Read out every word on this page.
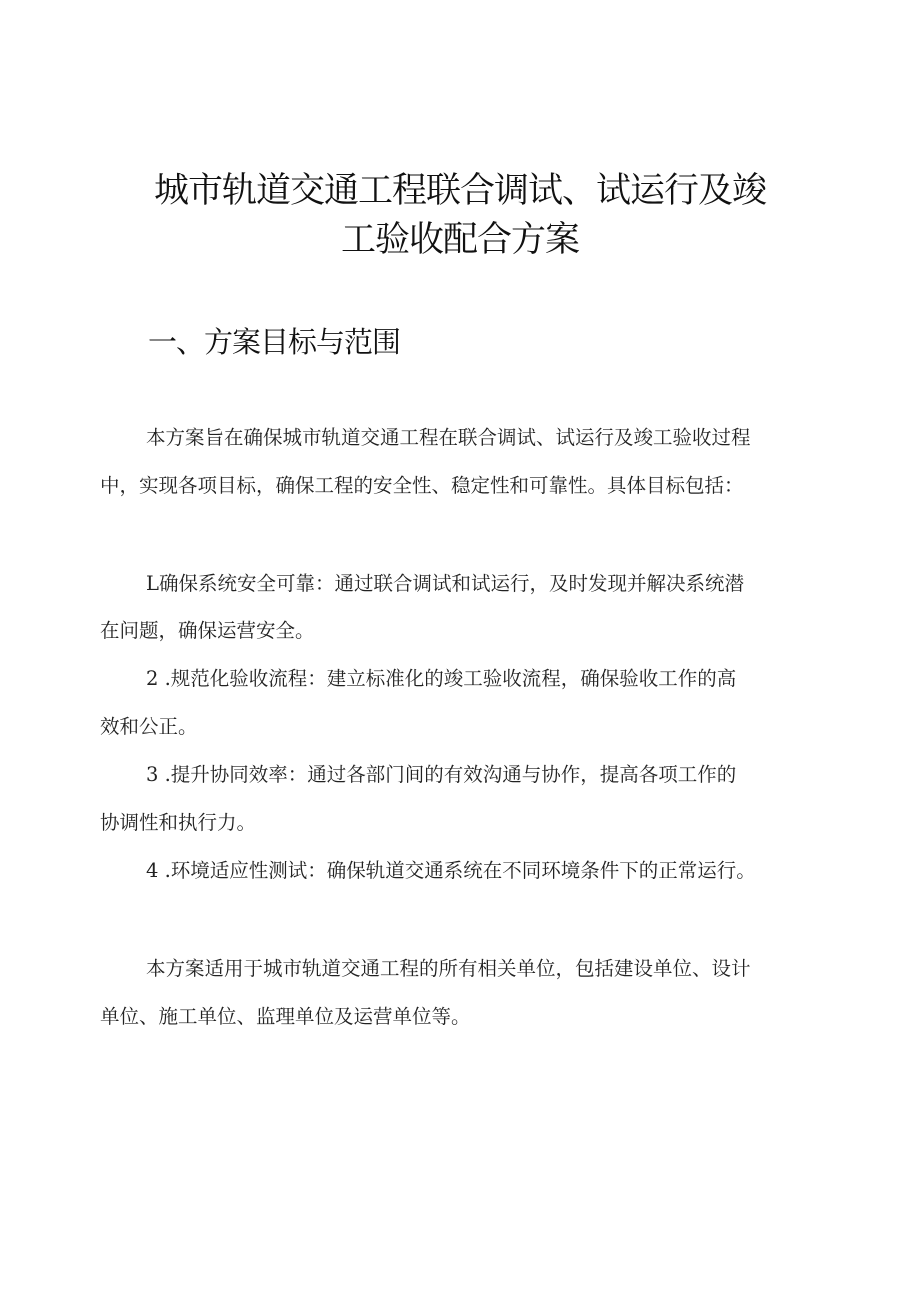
城市轨道交通工程联合调试、试运行及竣
工验收配合方案
一、方案目标与范围

本方案旨在确保城市轨道交通工程在联合调试、试运行及竣工验收过程

中，实现各项目标，确保工程的安全性、稳定性和可靠性。具体目标包括：

L确保系统安全可靠：通过联合调试和试运行，及时发现并解决系统潜

在问题，确保运营安全。

2 .规范化验收流程：建立标准化的竣工验收流程，确保验收工作的高

效和公正。

3 .提升协同效率：通过各部门间的有效沟通与协作，提高各项工作的

协调性和执行力。

4 .环境适应性测试：确保轨道交通系统在不同环境条件下的正常运行。

本方案适用于城市轨道交通工程的所有相关单位，包括建设单位、设计

单位、施工单位、监理单位及运营单位等。
